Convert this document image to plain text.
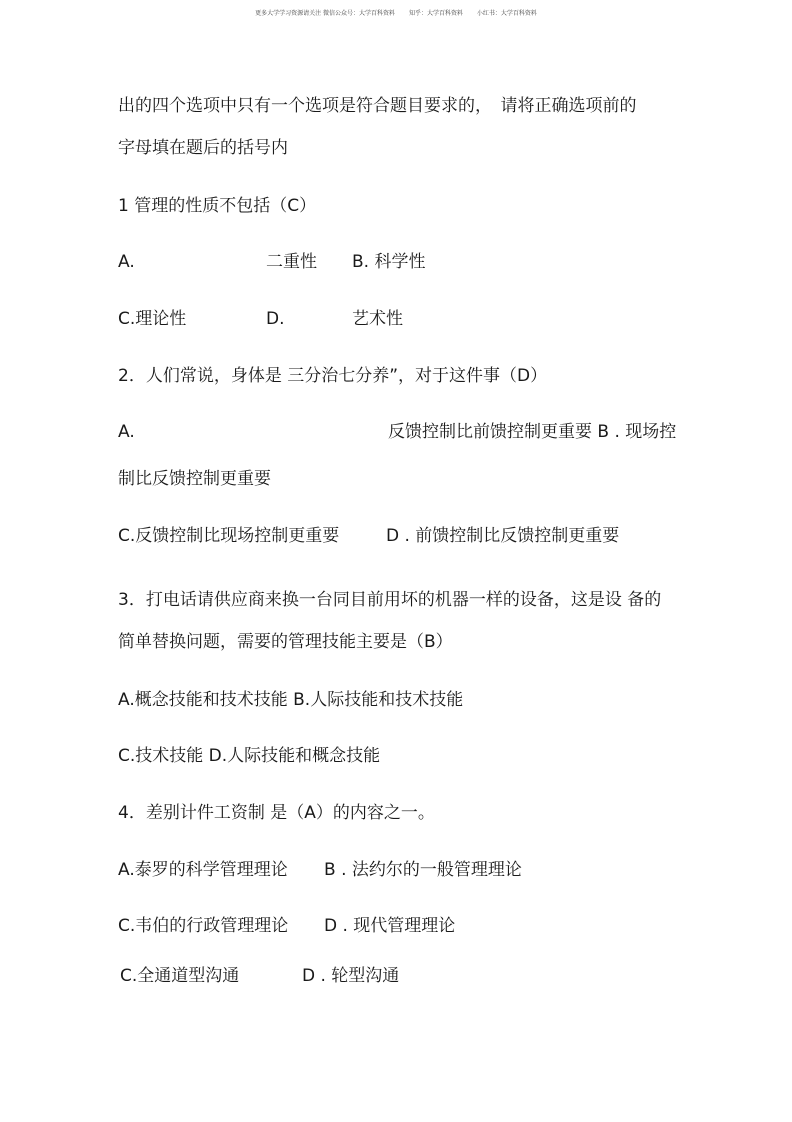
更多大学学习资源请关注 微信公众号：大学百科资料 知乎：大学百科资料 小红书：大学百科资料
出的四个选项中只有一个选项是符合题目要求的，　请将正确选项前的
字母填在题后的括号内
1 管理的性质不包括（C）
A.	二重性 B. 科学性
C.理论性	D.	艺术性
2．人们常说，身体是 三分治七分养”，对于这件事（D）
A.	反馈控制比前馈控制更重要 B . 现场控
制比反馈控制更重要
C.反馈控制比现场控制更重要	D . 前馈控制比反馈控制更重要
3．打电话请供应商来换一台同目前用坏的机器一样的设备，这是设 备的
简单替换问题，需要的管理技能主要是（B）
A.概念技能和技术技能 B.人际技能和技术技能
C.技术技能 D.人际技能和概念技能
4．差别计件工资制 是（A）的内容之一。
A.泰罗的科学管理理论 B . 法约尔的一般管理理论
C.韦伯的行政管理理论 D . 现代管理理论
C.全通道型沟通	D . 轮型沟通
